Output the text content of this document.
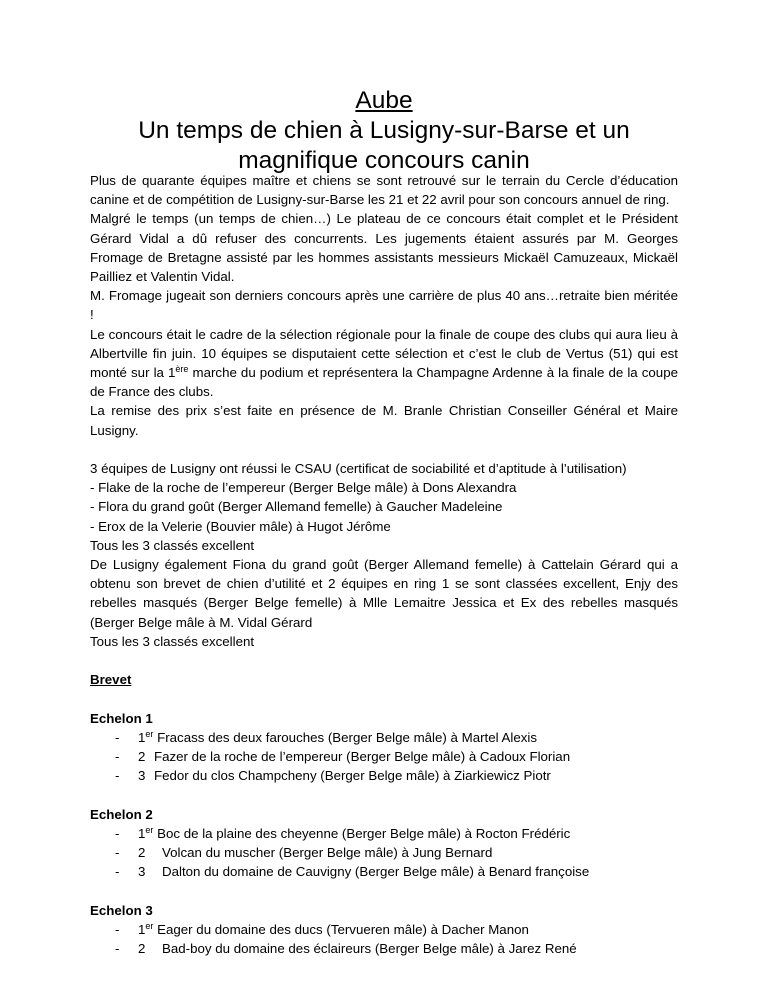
Aube
Un temps de chien à Lusigny-sur-Barse et un
magnifique concours canin

Plus de quarante équipes maître et chiens se sont retrouvé sur le terrain du Cercle d’éducation canine et de compétition de Lusigny-sur-Barse les 21 et 22 avril pour son concours annuel de ring.

Malgré le temps (un temps de chien…) Le plateau de ce concours était complet et le Président Gérard Vidal a dû refuser des concurrents. Les jugements étaient assurés par M. Georges Fromage de Bretagne assisté par les hommes assistants messieurs Mickaël Camuzeaux, Mickaël Pailliez et Valentin Vidal.

M. Fromage jugeait son derniers concours après une carrière de plus 40 ans…retraite bien méritée !

Le concours était le cadre de la sélection régionale pour la finale de coupe des clubs qui aura lieu à Albertville fin juin. 10 équipes se disputaient cette sélection et c’est le club de Vertus (51) qui est monté sur la 1ère marche du podium et représentera la Champagne Ardenne à la finale de la coupe de France des clubs.

La remise des prix s’est faite en présence de M. Branle Christian Conseiller Général et Maire Lusigny.

3 équipes de Lusigny ont réussi le CSAU (certificat de sociabilité et d’aptitude à l’utilisation)

- Flake de la roche de l’empereur (Berger Belge mâle) à Dons Alexandra

- Flora du grand goût (Berger Allemand femelle) à Gaucher Madeleine

- Erox de la Velerie (Bouvier mâle) à Hugot Jérôme

Tous les 3 classés excellent

De Lusigny également Fiona du grand goût (Berger Allemand femelle) à Cattelain Gérard qui a obtenu son brevet de chien d’utilité et 2 équipes en ring 1 se sont classées excellent, Enjy des rebelles masqués (Berger Belge femelle) à Mlle Lemaitre Jessica et Ex des rebelles masqués (Berger Belge mâle à M. Vidal Gérard

Tous les 3 classés excellent

Brevet

Echelon 1

- 1er Fracass des deux farouches (Berger Belge mâle) à Martel Alexis
- 2 Fazer de la roche de l’empereur (Berger Belge mâle) à Cadoux Florian
- 3 Fedor du clos Champcheny (Berger Belge mâle) à Ziarkiewicz Piotr

Echelon 2

- 1er Boc de la plaine des cheyenne (Berger Belge mâle) à Rocton Frédéric
- 2 Volcan du muscher (Berger Belge mâle) à Jung Bernard
- 3 Dalton du domaine de Cauvigny (Berger Belge mâle) à Benard françoise

Echelon 3

- 1er Eager du domaine des ducs (Tervueren mâle) à Dacher Manon
- 2 Bad-boy du domaine des éclaireurs (Berger Belge mâle) à Jarez René
